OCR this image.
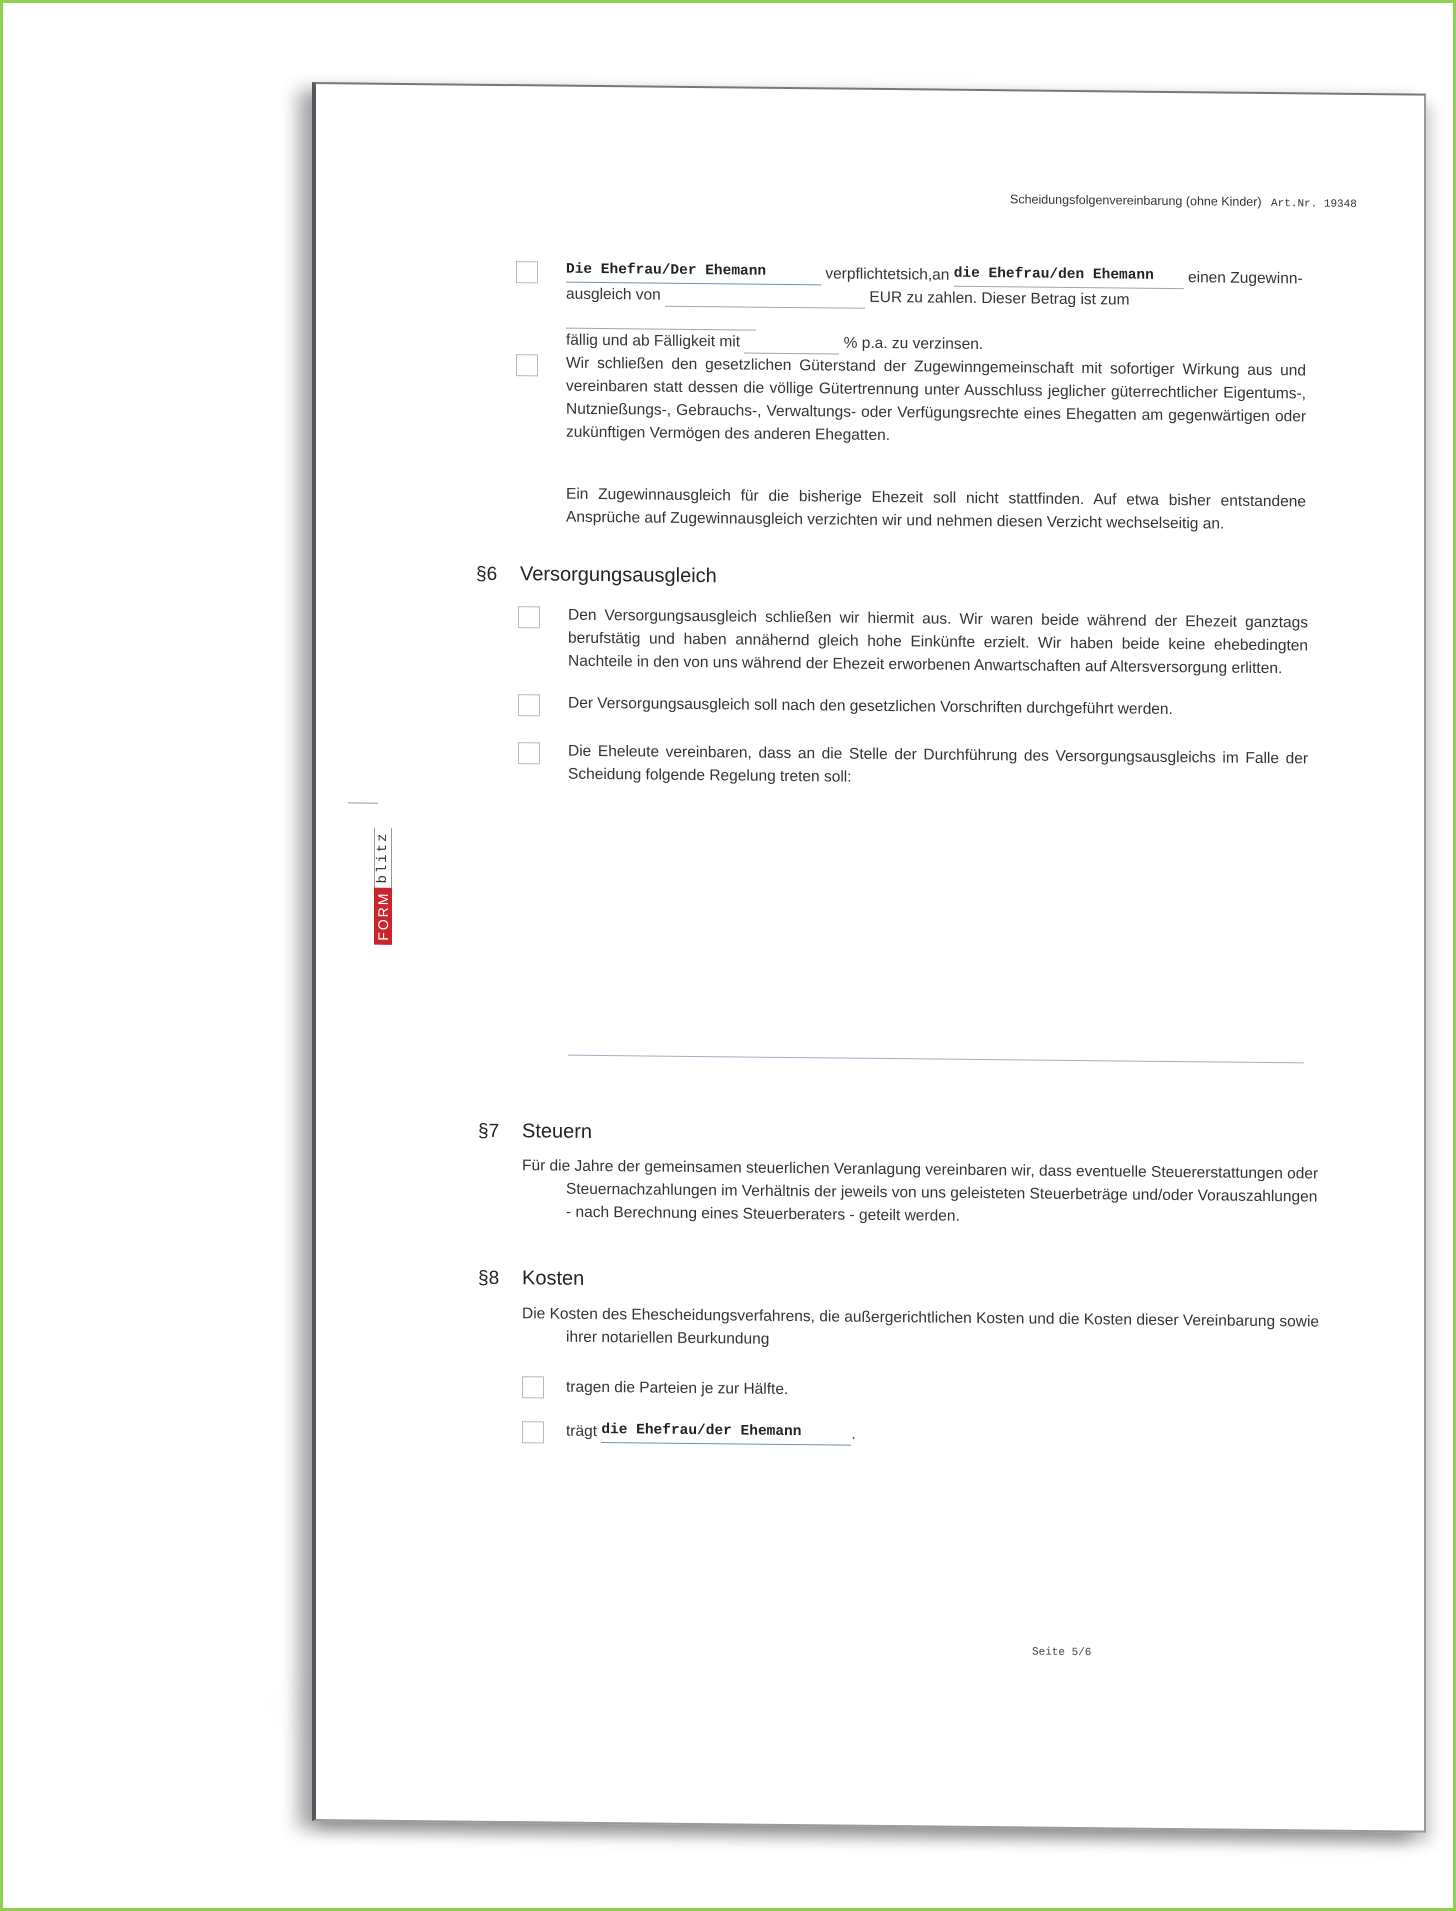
Scheidungsfolgenvereinbarung (ohne Kinder) Art.Nr. 19348
Die Ehefrau/Der Ehemann	verpflichtetsich,an die Ehefrau/den Ehemann einen Zugewinn-
ausgleich von	EUR zu zahlen. Dieser Betrag ist zum
fällig und ab Fälligkeit mit	% p.a. zu verzinsen.
Wir schließen den gesetzlichen Güterstand der Zugewinngemeinschaft mit sofortiger Wirkung aus und vereinbaren statt dessen die völlige Gütertrennung unter Ausschluss jeglicher güterrechtlicher Eigentums-, Nutznießungs-, Gebrauchs-, Verwaltungs- oder Verfügungsrechte eines Ehegatten am gegenwärtigen oder zukünftigen Vermögen des anderen Ehegatten.
Ein Zugewinnausgleich für die bisherige Ehezeit soll nicht stattfinden. Auf etwa bisher entstandene Ansprüche auf Zugewinnausgleich verzichten wir und nehmen diesen Verzicht wechselseitig an.
§6 Versorgungsausgleich
Den Versorgungsausgleich schließen wir hiermit aus. Wir waren beide während der Ehezeit ganztags berufstätig und haben annähernd gleich hohe Einkünfte erzielt. Wir haben beide keine ehebedingten Nachteile in den von uns während der Ehezeit erworbenen Anwartschaften auf Altersversorgung erlitten.
Der Versorgungsausgleich soll nach den gesetzlichen Vorschriften durchgeführt werden.
Die Eheleute vereinbaren, dass an die Stelle der Durchführung des Versorgungsausgleichs im Falle der Scheidung folgende Regelung treten soll:
FORM
blitz
§7 Steuern
Für die Jahre der gemeinsamen steuerlichen Veranlagung vereinbaren wir, dass eventuelle Steuererstattungen oder
Steuernachzahlungen im Verhältnis der jeweils von uns geleisteten Steuerbeträge und/oder Vorauszahlungen
- nach Berechnung eines Steuerberaters - geteilt werden.
§8 Kosten
Die Kosten des Ehescheidungsverfahrens, die außergerichtlichen Kosten und die Kosten dieser Vereinbarung sowie
ihrer notariellen Beurkundung
tragen die Parteien je zur Hälfte.
trägt die Ehefrau/der Ehemann	.
Seite 5/6
